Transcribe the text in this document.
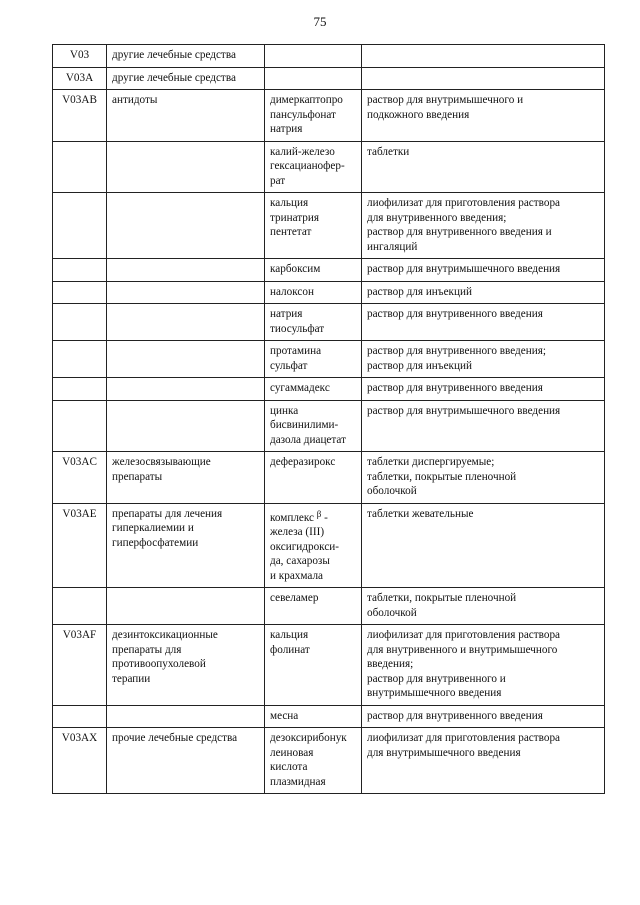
75
V03	другие лечебные средства		
V03A	другие лечебные средства		
V03AB	антидоты	димеркаптопро
пансульфонат
натрия	раствор для внутримышечного и
подкожного введения
		калий-железо
гексацианофер-
рат	таблетки
		кальция
тринатрия
пентетат	лиофилизат для приготовления раствора
для внутривенного введения;
раствор для внутривенного введения и
ингаляций
		карбоксим	раствор для внутримышечного введения
		налоксон	раствор для инъекций
		натрия
тиосульфат	раствор для внутривенного введения
		протамина
сульфат	раствор для внутривенного введения;
раствор для инъекций
		сугаммадекс	раствор для внутривенного введения
		цинка
бисвинилими-
дазола диацетат	раствор для внутримышечного введения
V03AC	железосвязывающие
препараты	деферазирокс	таблетки диспергируемые;
таблетки, покрытые пленочной
оболочкой
V03AE	препараты для лечения
гиперкалиемии и
гиперфосфатемии	комплекс $^\beta$ -
железа (III)
оксигидрокси-
да, сахарозы
и крахмала	таблетки жевательные
		севеламер	таблетки, покрытые пленочной
оболочкой
V03AF	дезинтоксикационные
препараты для
противоопухолевой
терапии	кальция
фолинат	лиофилизат для приготовления раствора
для внутривенного и внутримышечного
введения;
раствор для внутривенного и
внутримышечного введения
		месна	раствор для внутривенного введения
V03AX	прочие лечебные средства	дезоксирибонук
леиновая
кислота
плазмидная	лиофилизат для приготовления раствора
для внутримышечного введения
